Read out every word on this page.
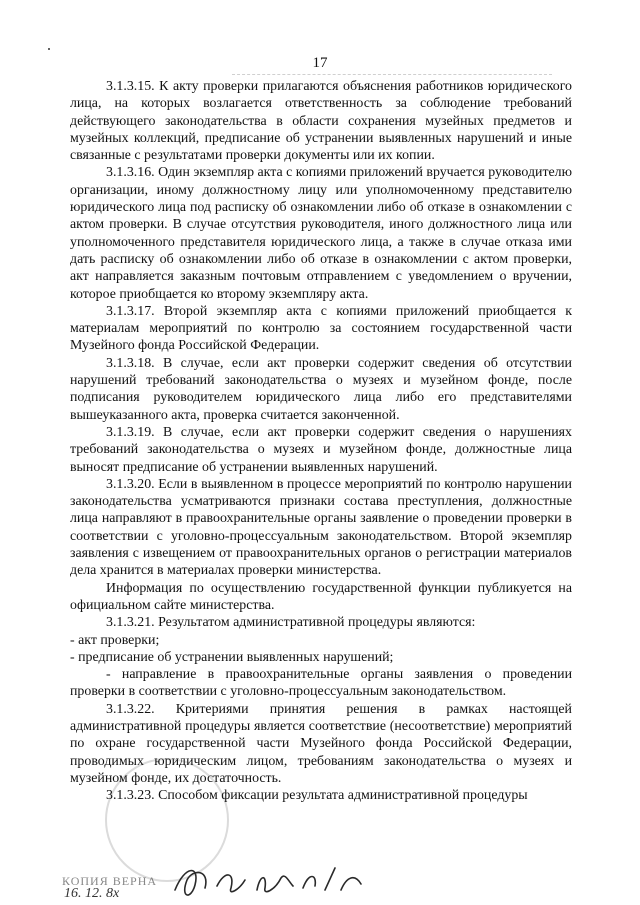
17

3.1.3.15. К акту проверки прилагаются объяснения работников юридического лица, на которых возлагается ответственность за соблюдение требований действующего законодательства в области сохранения музейных предметов и музейных коллекций, предписание об устранении выявленных нарушений и иные связанные с результатами проверки документы или их копии.

3.1.3.16. Один экземпляр акта с копиями приложений вручается руководителю организации, иному должностному лицу или уполномоченному представителю юридического лица под расписку об ознакомлении либо об отказе в ознакомлении с актом проверки. В случае отсутствия руководителя, иного должностного лица или уполномоченного представителя юридического лица, а также в случае отказа ими дать расписку об ознакомлении либо об отказе в ознакомлении с актом проверки, акт направляется заказным почтовым отправлением с уведомлением о вручении, которое приобщается ко второму экземпляру акта.

3.1.3.17. Второй экземпляр акта с копиями приложений приобщается к материалам мероприятий по контролю за состоянием государственной части Музейного фонда Российской Федерации.

3.1.3.18. В случае, если акт проверки содержит сведения об отсутствии нарушений требований законодательства о музеях и музейном фонде, после подписания руководителем юридического лица либо его представителями вышеуказанного акта, проверка считается законченной.

3.1.3.19. В случае, если акт проверки содержит сведения о нарушениях требований законодательства о музеях и музейном фонде, должностные лица выносят предписание об устранении выявленных нарушений.

3.1.3.20. Если в выявленном в процессе мероприятий по контролю нарушении законодательства усматриваются признаки состава преступления, должностные лица направляют в правоохранительные органы заявление о проведении проверки в соответствии с уголовно-процессуальным законодательством. Второй экземпляр заявления с извещением от правоохранительных органов о регистрации материалов дела хранится в материалах проверки министерства.

Информация по осуществлению государственной функции публикуется на официальном сайте министерства.

3.1.3.21. Результатом административной процедуры являются:

- акт проверки;

- предписание об устранении выявленных нарушений;

- направление в правоохранительные органы заявления о проведении проверки в соответствии с уголовно-процессуальным законодательством.

3.1.3.22. Критериями принятия решения в рамках настоящей административной процедуры является соответствие (несоответствие) мероприятий по охране государственной части Музейного фонда Российской Федерации, проводимых юридическим лицом, требованиям законодательства о музеях и музейном фонде, их достаточность.

3.1.3.23. Способом фиксации результата административной процедуры

КОПИЯ ВЕРНА
16. 12. 8x
